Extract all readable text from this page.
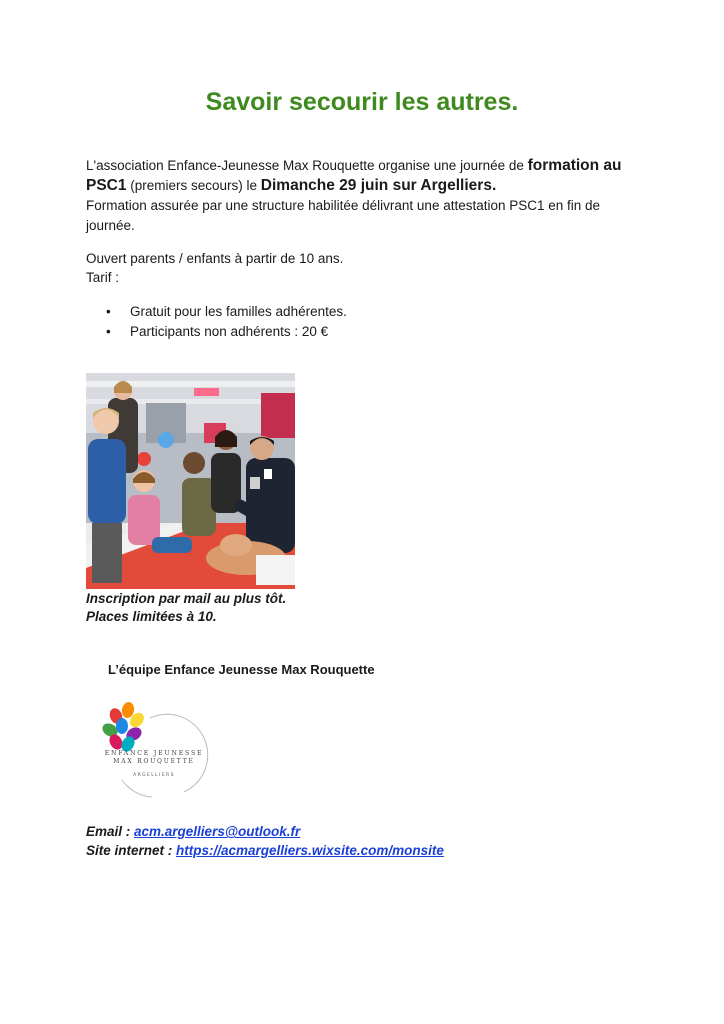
Savoir secourir les autres.

L'association Enfance-Jeunesse Max Rouquette organise une journée de formation au PSC1 (premiers secours) le Dimanche 29 juin sur Argelliers.
Formation assurée par une structure habilitée délivrant une attestation PSC1 en fin de journée.

Ouvert parents / enfants à partir de 10 ans.
Tarif :

• Gratuit pour les familles adhérentes.
• Participants non adhérents : 20 €

Inscription par mail au plus tôt.
Places limitées à 10.

L’équipe Enfance Jeunesse Max Rouquette

ENFANCE JEUNESSE
MAX ROUQUETTE
ARGELLIERS

Email : acm.argelliers@outlook.fr
Site internet : https://acmargelliers.wixsite.com/monsite
